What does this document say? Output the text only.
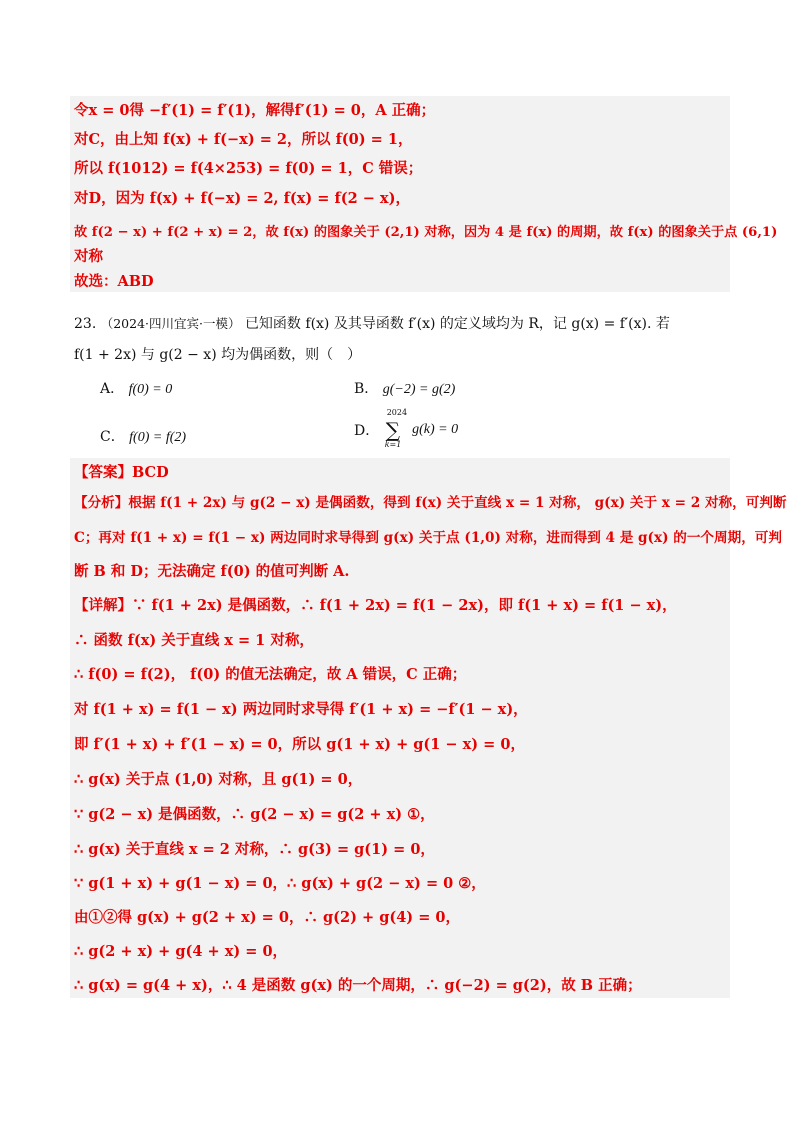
令x = 0得 −f′(1) = f′(1)，解得f′(1) = 0，A 正确；
对C，由上知 f(x) + f(−x) = 2，所以 f(0) = 1，
所以 f(1012) = f(4×253) = f(0) = 1，C 错误；
对D，因为 f(x) + f(−x) = 2, f(x) = f(2 − x)，
故 f(2 − x) + f(2 + x) = 2，故 f(x) 的图象关于 (2,1) 对称，因为 4 是 f(x) 的周期，故 f(x) 的图象关于点 (6,1)
对称
故选：ABD
23. （2024·四川宜宾·一模） 已知函数 f(x) 及其导函数 f′(x) 的定义域均为 R，记 g(x) = f′(x). 若
f(1 + 2x) 与 g(2 − x) 均为偶函数，则（　）
A． f(0) = 0	B． g(−2) = g(2)
C． f(0) = f(2)	D．
2024
∑
k=1
g(k) = 0
【答案】BCD
【分析】根据 f(1 + 2x) 与 g(2 − x) 是偶函数，得到 f(x) 关于直线 x = 1 对称， g(x) 关于 x = 2 对称，可判断
C；再对 f(1 + x) = f(1 − x) 两边同时求导得到 g(x) 关于点 (1,0) 对称，进而得到 4 是 g(x) 的一个周期，可判
断 B 和 D；无法确定 f(0) 的值可判断 A.
【详解】∵ f(1 + 2x) 是偶函数，∴ f(1 + 2x) = f(1 − 2x)，即 f(1 + x) = f(1 − x)，
∴ 函数 f(x) 关于直线 x = 1 对称，
∴ f(0) = f(2)， f(0) 的值无法确定，故 A 错误，C 正确；
对 f(1 + x) = f(1 − x) 两边同时求导得 f′(1 + x) = −f′(1 − x)，
即 f′(1 + x) + f′(1 − x) = 0，所以 g(1 + x) + g(1 − x) = 0，
∴ g(x) 关于点 (1,0) 对称，且 g(1) = 0，
∵ g(2 − x) 是偶函数，∴ g(2 − x) = g(2 + x) ①，
∴ g(x) 关于直线 x = 2 对称，∴ g(3) = g(1) = 0，
∵ g(1 + x) + g(1 − x) = 0，∴ g(x) + g(2 − x) = 0 ②，
由①②得 g(x) + g(2 + x) = 0，∴ g(2) + g(4) = 0，
∴ g(2 + x) + g(4 + x) = 0，
∴ g(x) = g(4 + x)，∴ 4 是函数 g(x) 的一个周期，∴ g(−2) = g(2)，故 B 正确；
